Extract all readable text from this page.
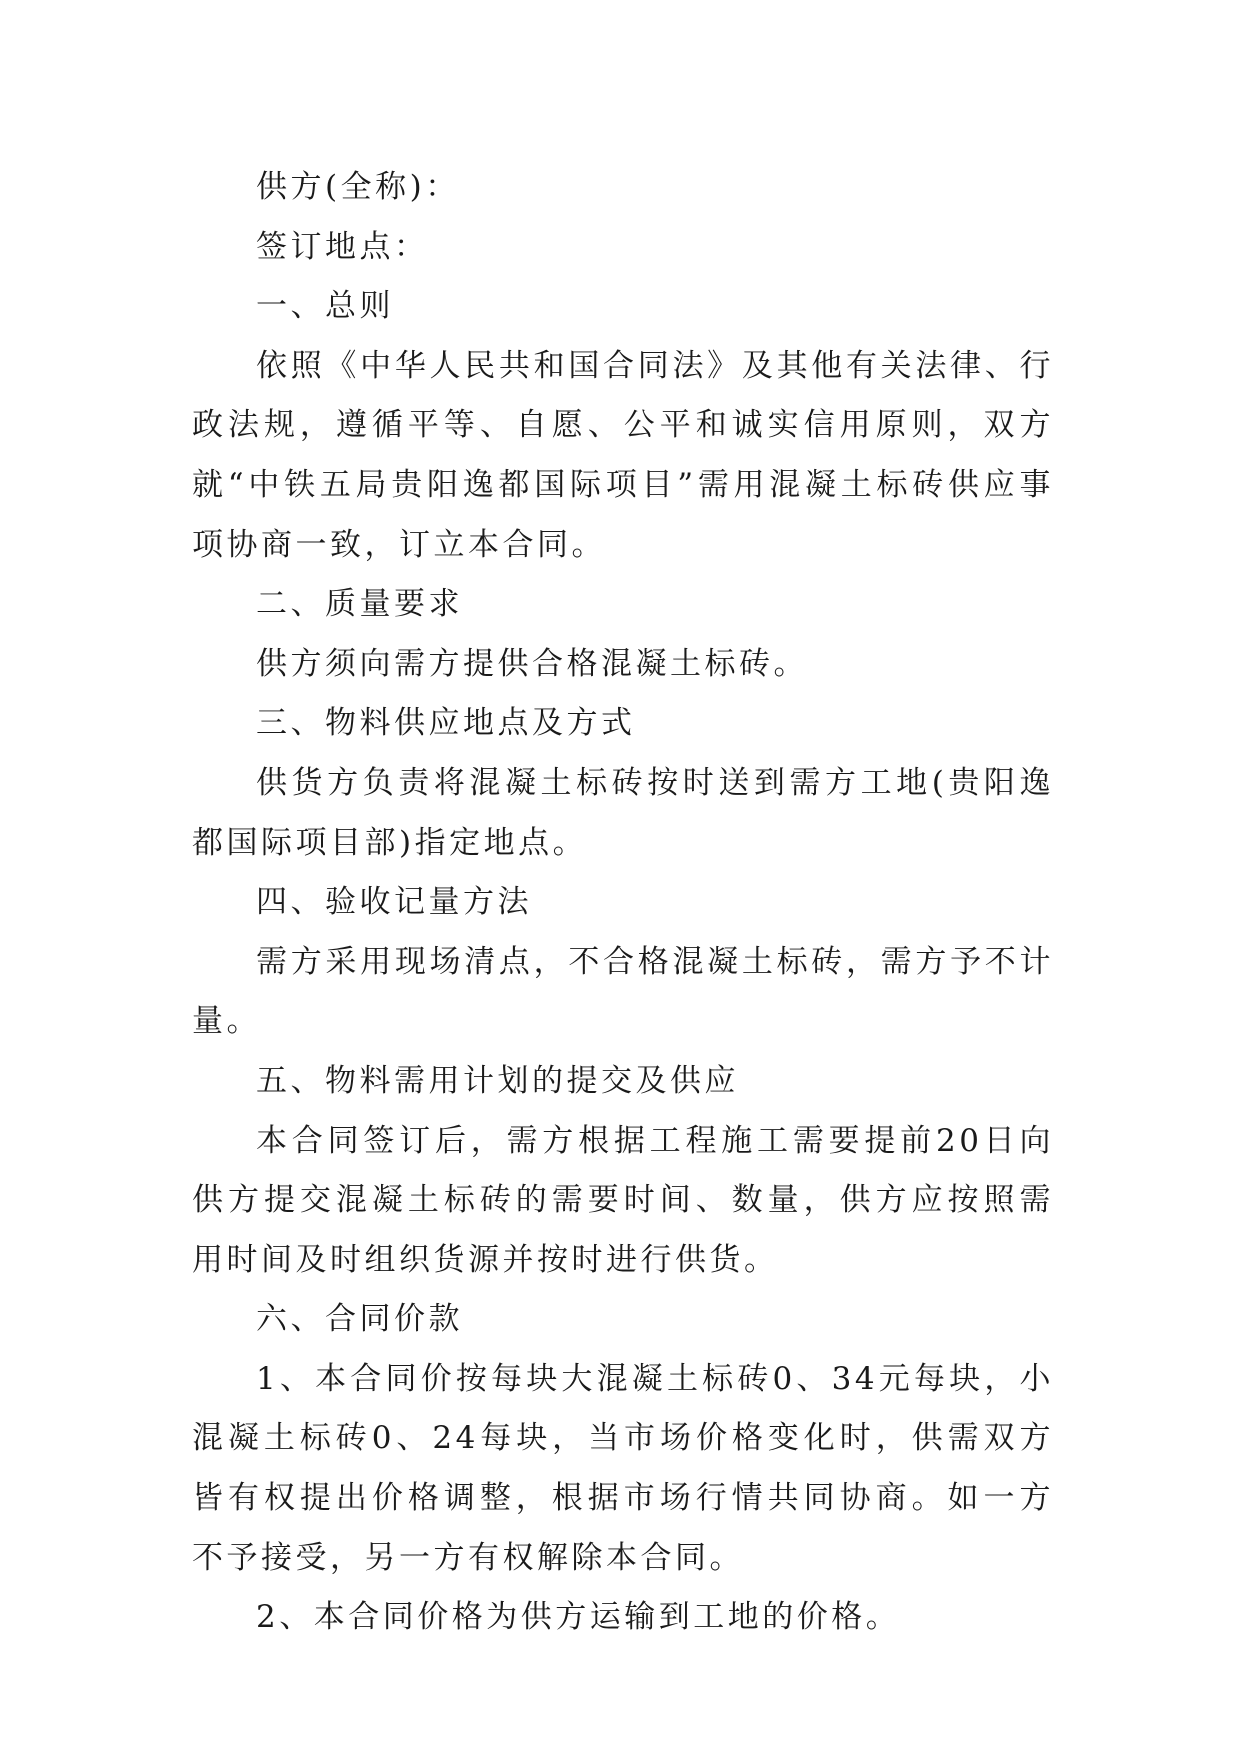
供方(全称)：

签订地点：

一、总则

依照《中华人民共和国合同法》及其他有关法律、行政法规，遵循平等、自愿、公平和诚实信用原则，双方就“中铁五局贵阳逸都国际项目”需用混凝土标砖供应事项协商一致，订立本合同。

二、质量要求

供方须向需方提供合格混凝土标砖。

三、物料供应地点及方式

供货方负责将混凝土标砖按时送到需方工地(贵阳逸都国际项目部)指定地点。

四、验收记量方法

需方采用现场清点，不合格混凝土标砖，需方予不计量。

五、物料需用计划的提交及供应

本合同签订后，需方根据工程施工需要提前20日向供方提交混凝土标砖的需要时间、数量，供方应按照需用时间及时组织货源并按时进行供货。

六、合同价款

1、本合同价按每块大混凝土标砖0、34元每块，小混凝土标砖0、24每块，当市场价格变化时，供需双方皆有权提出价格调整，根据市场行情共同协商。如一方不予接受，另一方有权解除本合同。

2、本合同价格为供方运输到工地的价格。
